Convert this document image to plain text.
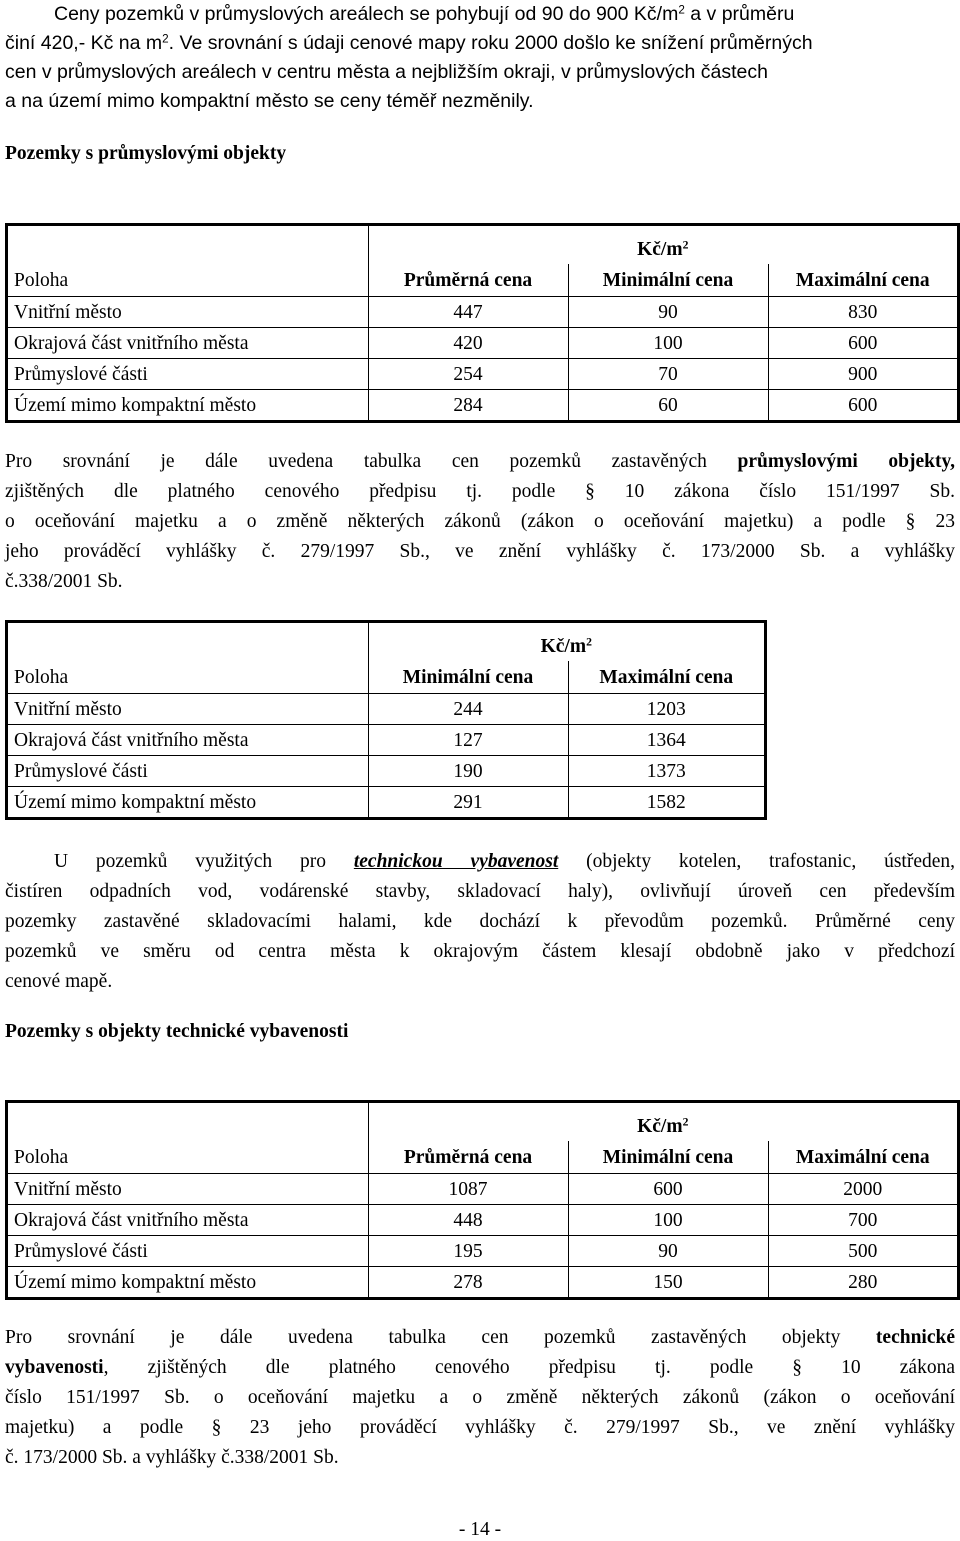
Ceny pozemků v průmyslových areálech se pohybují od 90 do 900 $Kč/m^2$ a v průměru
činí 420,- Kč na $m^2$. Ve srovnání s údaji cenové mapy roku 2000 došlo ke snížení průměrných
cen v průmyslových areálech v centru města a nejbližším okraji, v průmyslových částech
a na území mimo kompaktní město se ceny téměř nezměnily.
Pozemky s průmyslovými objekty
	$Kč/m^2$
Poloha	Průměrná cena	Minimální cena	Maximální cena
Vnitřní město	447	90	830
Okrajová část vnitřního města	420	100	600
Průmyslové části	254	70	900
Území mimo kompaktní město	284	60	600
Pro srovnání je dále uvedena tabulka cen pozemků zastavěných průmyslovými objekty,
zjištěných dle platného cenového předpisu tj. podle § 10 zákona číslo 151/1997 Sb.
o oceňování majetku a o změně některých zákonů (zákon o oceňování majetku) a podle § 23
jeho prováděcí vyhlášky č. 279/1997 Sb., ve znění vyhlášky č. 173/2000 Sb. a vyhlášky
č.338/2001 Sb.
	$Kč/m^2$
Poloha	Minimální cena	Maximální cena
Vnitřní město	244	1203
Okrajová část vnitřního města	127	1364
Průmyslové části	190	1373
Území mimo kompaktní město	291	1582
U pozemků využitých pro technickou vybavenost (objekty kotelen, trafostanic, ústředen,
čistíren odpadních vod, vodárenské stavby, skladovací haly), ovlivňují úroveň cen především
pozemky zastavěné skladovacími halami, kde dochází k převodům pozemků. Průměrné ceny
pozemků ve směru od centra města k okrajovým částem klesají obdobně jako v předchozí
cenové mapě.
Pozemky s objekty technické vybavenosti
	$Kč/m^2$
Poloha	Průměrná cena	Minimální cena	Maximální cena
Vnitřní město	1087	600	2000
Okrajová část vnitřního města	448	100	700
Průmyslové části	195	90	500
Území mimo kompaktní město	278	150	280
Pro srovnání je dále uvedena tabulka cen pozemků zastavěných objekty technické
vybavenosti, zjištěných dle platného cenového předpisu tj. podle § 10 zákona
číslo 151/1997 Sb. o oceňování majetku a o změně některých zákonů (zákon o oceňování
majetku) a podle § 23 jeho prováděcí vyhlášky č. 279/1997 Sb., ve znění vyhlášky
č. 173/2000 Sb. a vyhlášky č.338/2001 Sb.
- 14 -
